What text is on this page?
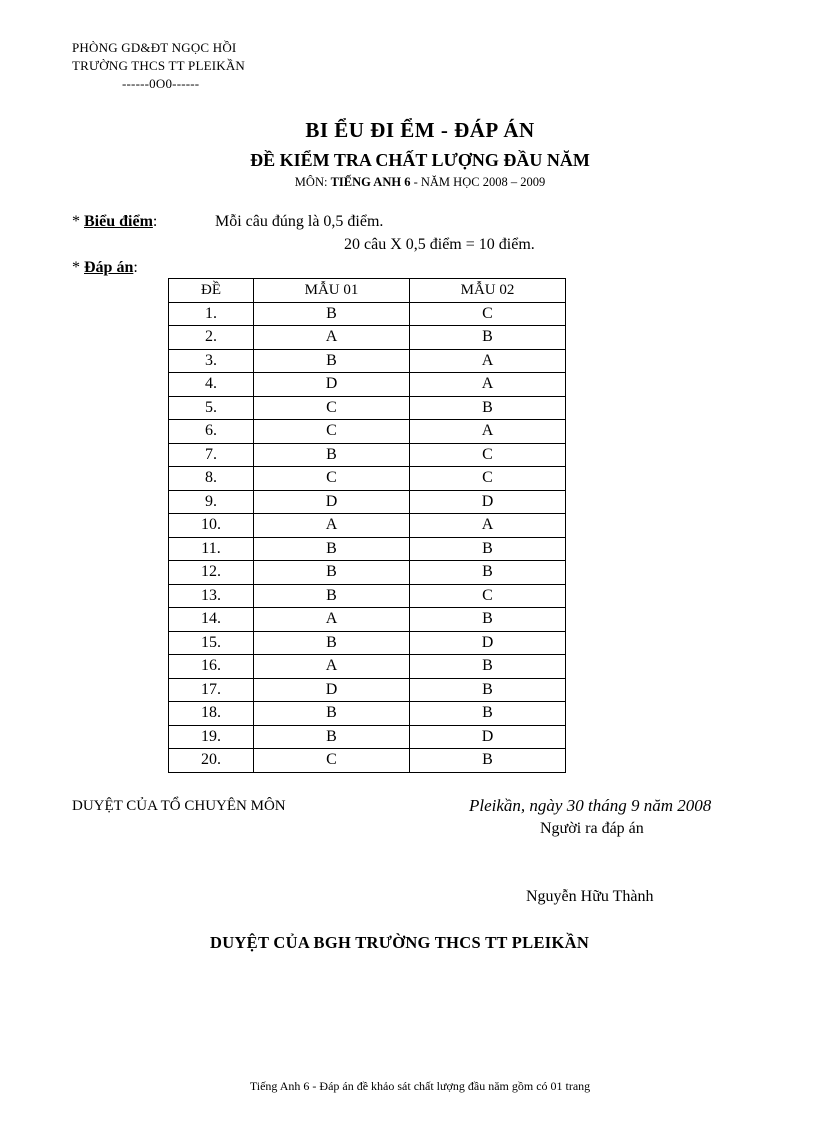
PHÒNG GD&ĐT NGỌC HỒI
TRƯỜNG THCS TT PLEIKẦN
------0O0------
BI ỂU ĐI ỂM - ĐÁP ÁN
ĐỀ KIỂM TRA CHẤT LƯỢNG ĐẦU NĂM
MÔN: TIẾNG ANH 6 - NĂM HỌC 2008 – 2009
* Biểu điểm:	Mỗi câu đúng là 0,5 điểm.
20 câu X 0,5 điểm = 10 điểm.
* Đáp án:
ĐỀ	MẪU 01	MẪU 02
1.	B	C
2.	A	B
3.	B	A
4.	D	A
5.	C	B
6.	C	A
7.	B	C
8.	C	C
9.	D	D
10.	A	A
11.	B	B
12.	B	B
13.	B	C
14.	A	B
15.	B	D
16.	A	B
17.	D	B
18.	B	B
19.	B	D
20.	C	B
DUYỆT CỦA TỔ CHUYÊN MÔN	Pleikần, ngày 30 tháng 9 năm 2008
Người ra đáp án
Nguyễn Hữu Thành
DUYỆT CỦA BGH TRƯỜNG THCS TT PLEIKẦN
Tiếng Anh 6 - Đáp án đề khảo sát chất lượng đầu năm gồm có 01 trang
